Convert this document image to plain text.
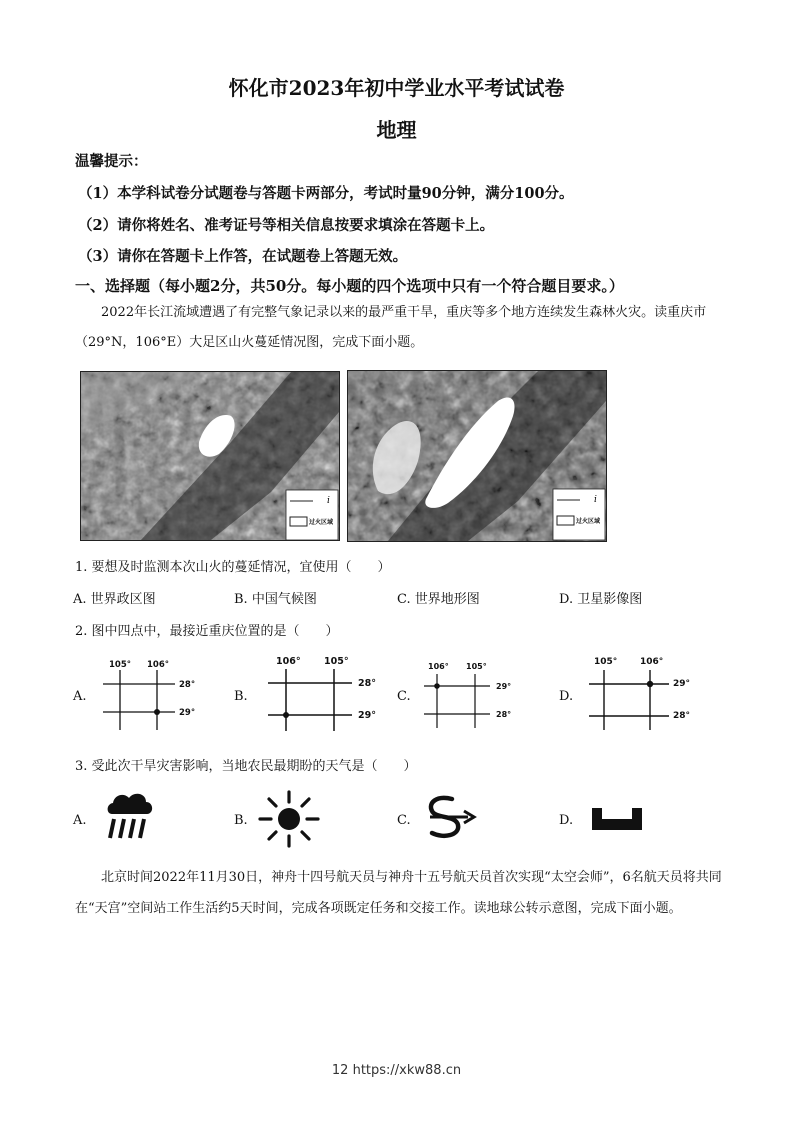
怀化市2023年初中学业水平考试试卷
地理
温馨提示：
（1）本学科试卷分试题卷与答题卡两部分，考试时量90分钟，满分100分。
（2）请你将姓名、准考证号等相关信息按要求填涂在答题卡上。
（3）请你在答题卡上作答，在试题卷上答题无效。
一、选择题（每小题2分，共50分。每小题的四个选项中只有一个符合题目要求。）
2022年长江流域遭遇了有完整气象记录以来的最严重干旱，重庆等多个地方连续发生森林火灾。读重庆市（29°N，106°E）大足区山火蔓延情况图，完成下面小题。
i
过火区域
i
过火区域
1. 要想及时监测本次山火的蔓延情况，宜使用（　　）
A. 世界政区图	B. 中国气候图	C. 世界地形图	D. 卫星影像图
2. 图中四点中，最接近重庆位置的是（　　）
A.
105° 106°
28°
29°
B.
106° 105°
28°
29°
C.
106° 105°
29°
28°
D.
105°	106°
29°
28°
3. 受此次干旱灾害影响，当地农民最期盼的天气是（　　）
A.	B.	C.	D.
北京时间2022年11月30日，神舟十四号航天员与神舟十五号航天员首次实现“太空会师”，6名航天员将共同在“天宫”空间站工作生活约5天时间，完成各项既定任务和交接工作。读地球公转示意图，完成下面小题。
12 https://xkw88.cn
